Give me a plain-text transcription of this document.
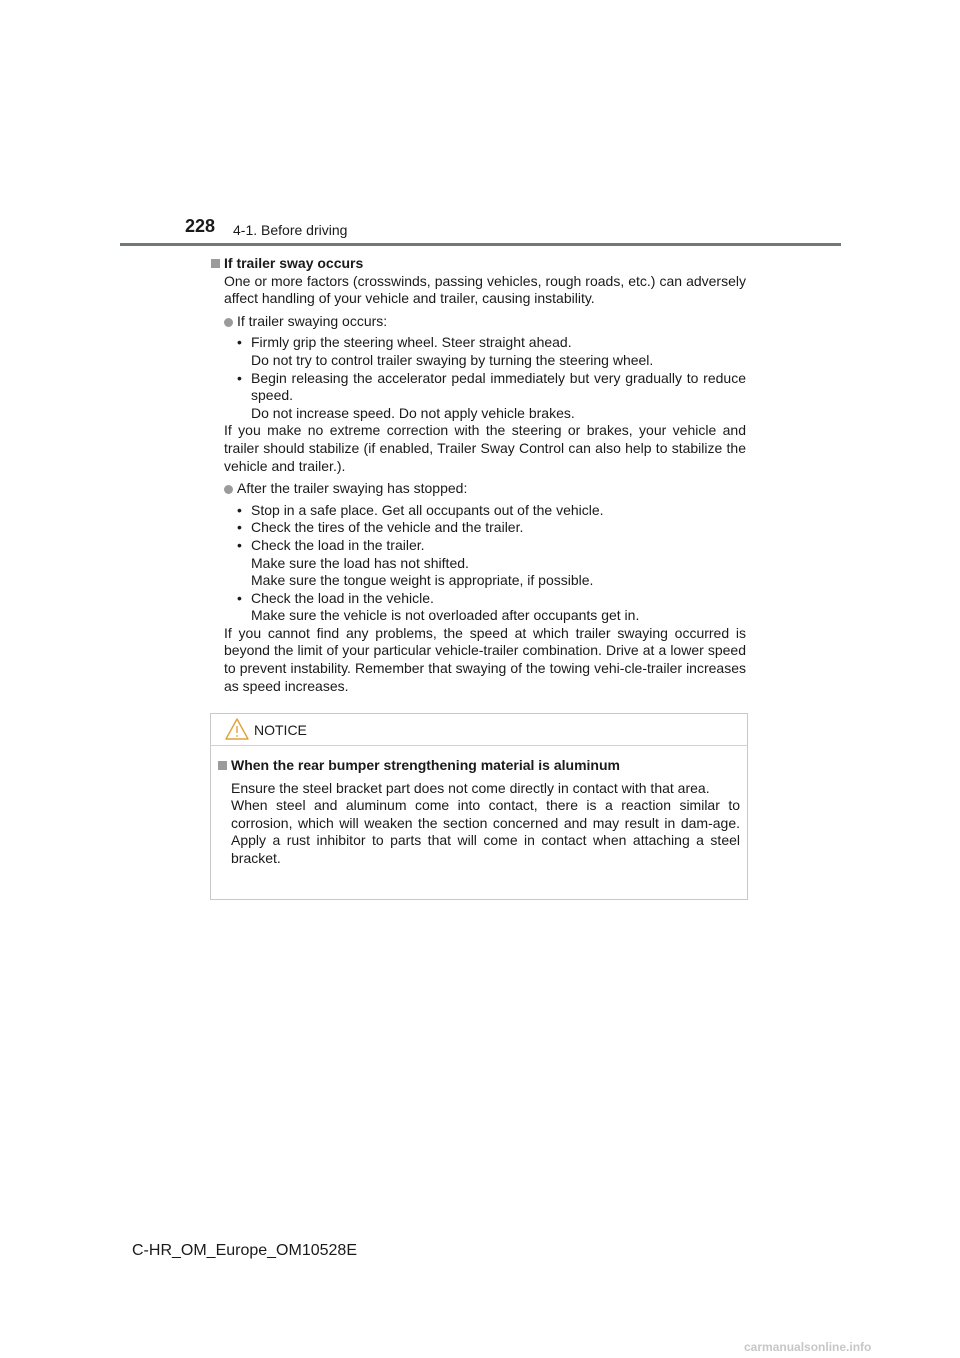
228 4-1. Before driving

If trailer sway occurs

One or more factors (crosswinds, passing vehicles, rough roads, etc.) can adversely affect handling of your vehicle and trailer, causing instability.

If trailer swaying occurs:
• Firmly grip the steering wheel. Steer straight ahead.
Do not try to control trailer swaying by turning the steering wheel.
• Begin releasing the accelerator pedal immediately but very gradually to reduce speed.
Do not increase speed. Do not apply vehicle brakes.

If you make no extreme correction with the steering or brakes, your vehicle and trailer should stabilize (if enabled, Trailer Sway Control can also help to stabilize the vehicle and trailer.).

After the trailer swaying has stopped:
• Stop in a safe place. Get all occupants out of the vehicle.
• Check the tires of the vehicle and the trailer.
• Check the load in the trailer.
Make sure the load has not shifted.
Make sure the tongue weight is appropriate, if possible.
• Check the load in the vehicle.
Make sure the vehicle is not overloaded after occupants get in.

If you cannot find any problems, the speed at which trailer swaying occurred is beyond the limit of your particular vehicle-trailer combination. Drive at a lower speed to prevent instability. Remember that swaying of the towing vehi-cle-trailer increases as speed increases.

NOTICE

When the rear bumper strengthening material is aluminum

Ensure the steel bracket part does not come directly in contact with that area.

When steel and aluminum come into contact, there is a reaction similar to corrosion, which will weaken the section concerned and may result in dam-age. Apply a rust inhibitor to parts that will come in contact when attaching a steel bracket.

C-HR_OM_Europe_OM10528E
carmanualsonline.info
